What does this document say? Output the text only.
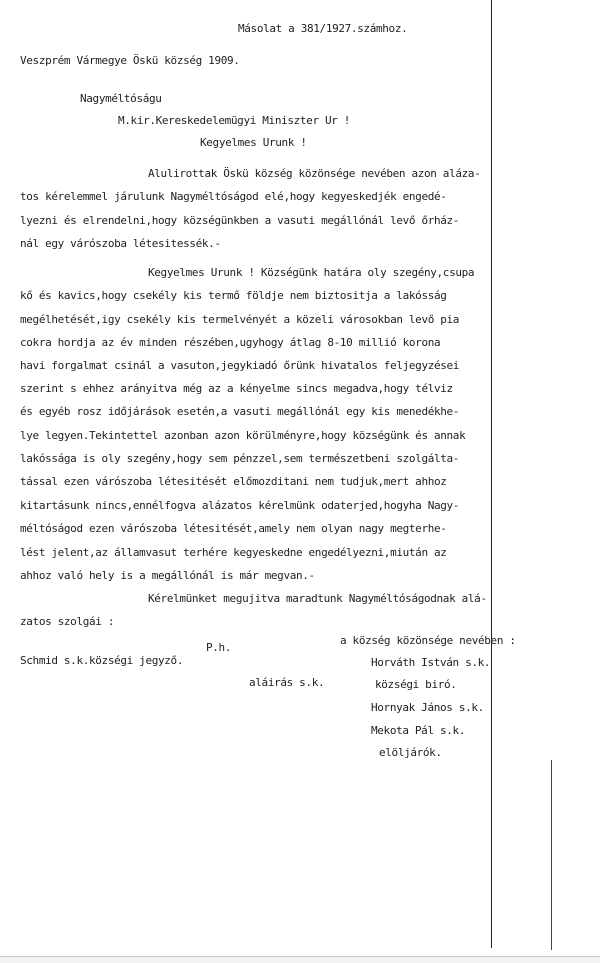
Másolat a 381/1927.számhoz.
Veszprém Vármegye Öskü község 1909.
Nagyméltóságu
M.kir.Kereskedelemügyi Miniszter Ur !
Kegyelmes Urunk !
Alulirottak Öskü község közönsége nevében azon aláza-
tos kérelemmel járulunk Nagyméltóságod elé,hogy kegyeskedjék engedé-
lyezni és elrendelni,hogy községünkben a vasuti megállónál levő őrház-
nál egy várószoba létesitessék.-
Kegyelmes Urunk ! Községünk határa oly szegény,csupa
kő és kavics,hogy csekély kis termő földje nem biztositja a lakósság
megélhetését,igy csekély kis termelvényét a közeli városokban levő pia
cokra hordja az év minden részében,ugyhogy átlag 8-10 millió korona
havi forgalmat csinál a vasuton,jegykiadó őrünk hivatalos feljegyzései
szerint s ehhez arányitva még az a kényelme sincs megadva,hogy télviz
és egyéb rosz időjárások esetén,a vasuti megállónál egy kis menedékhe-
lye legyen.Tekintettel azonban azon körülményre,hogy községünk és annak
lakóssága is oly szegény,hogy sem pénzzel,sem természetbeni szolgálta-
tással ezen várószoba létesitését előmozditani nem tudjuk,mert ahhoz
kitartásunk nincs,ennélfogva alázatos kérelmünk odaterjed,hogyha Nagy-
méltóságod ezen várószoba létesitését,amely nem olyan nagy megterhe-
lést jelent,az államvasut terhére kegyeskedne engedélyezni,miután az
ahhoz való hely is a megállónál is már megvan.-
Kérelmünket megujitva maradtunk Nagyméltóságodnak alá-
zatos szolgái :
P.h.
a község közönsége nevében :
Schmid s.k.községi jegyző.
aláirás s.k.
Horváth István s.k.
községi biró.
Hornyak János s.k.
Mekota Pál s.k.
elöljárók.
